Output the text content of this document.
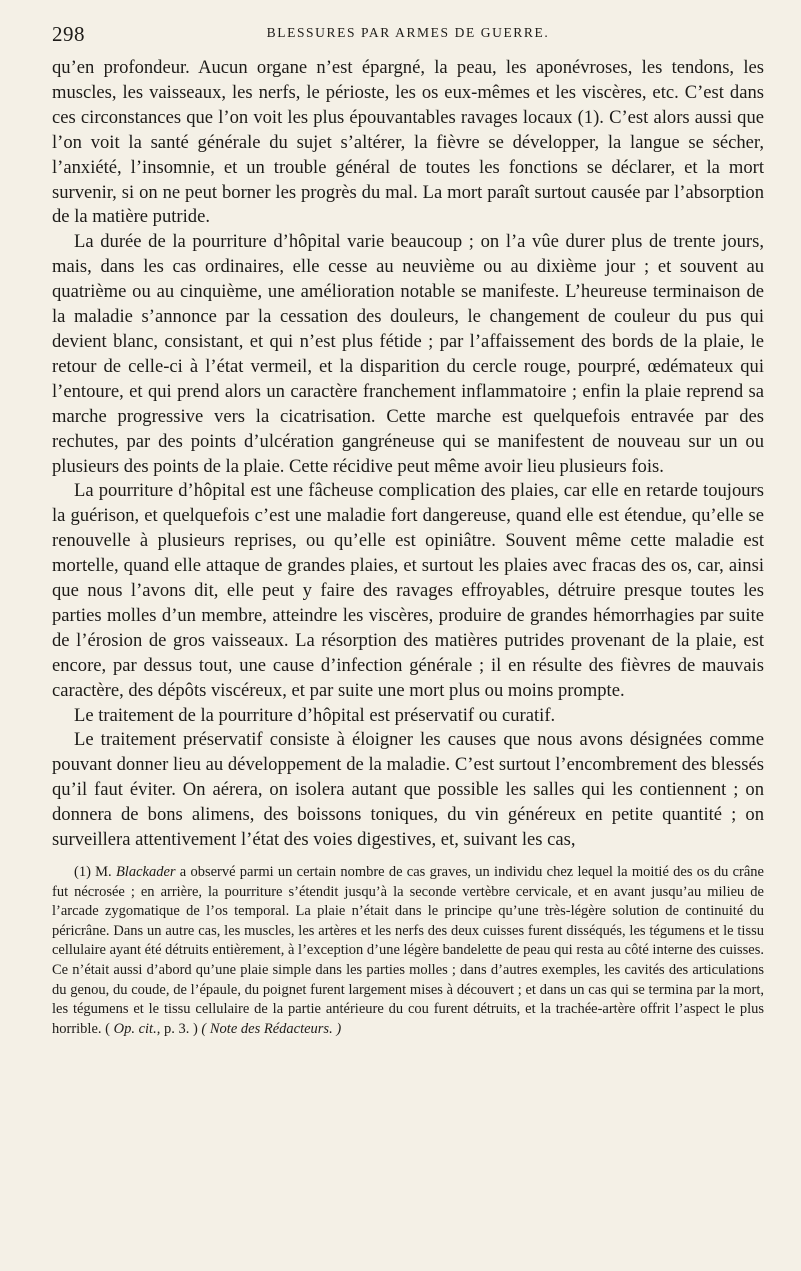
298	BLESSURES PAR ARMES DE GUERRE.

qu’en profondeur. Aucun organe n’est épargné, la peau, les aponévroses, les tendons, les muscles, les vaisseaux, les nerfs, le périoste, les os eux-mêmes et les viscères, etc. C’est dans ces circonstances que l’on voit les plus épouvantables ravages locaux (1). C’est alors aussi que l’on voit la santé générale du sujet s’altérer, la fièvre se développer, la langue se sécher, l’anxiété, l’insomnie, et un trouble général de toutes les fonctions se déclarer, et la mort survenir, si on ne peut borner les progrès du mal. La mort paraît surtout causée par l’absorption de la matière putride.

La durée de la pourriture d’hôpital varie beaucoup ; on l’a vûe durer plus de trente jours, mais, dans les cas ordinaires, elle cesse au neuvième ou au dixième jour ; et souvent au quatrième ou au cinquième, une amélioration notable se manifeste. L’heureuse terminaison de la maladie s’annonce par la cessation des douleurs, le changement de couleur du pus qui devient blanc, consistant, et qui n’est plus fétide ; par l’affaissement des bords de la plaie, le retour de celle-ci à l’état vermeil, et la disparition du cercle rouge, pourpré, œdémateux qui l’entoure, et qui prend alors un caractère franchement inflammatoire ; enfin la plaie reprend sa marche progressive vers la cicatrisation. Cette marche est quelquefois entravée par des rechutes, par des points d’ulcération gangréneuse qui se manifestent de nouveau sur un ou plusieurs des points de la plaie. Cette récidive peut même avoir lieu plusieurs fois.

La pourriture d’hôpital est une fâcheuse complication des plaies, car elle en retarde toujours la guérison, et quelquefois c’est une maladie fort dangereuse, quand elle est étendue, qu’elle se renouvelle à plusieurs reprises, ou qu’elle est opiniâtre. Souvent même cette maladie est mortelle, quand elle attaque de grandes plaies, et surtout les plaies avec fracas des os, car, ainsi que nous l’avons dit, elle peut y faire des ravages effroyables, détruire presque toutes les parties molles d’un membre, atteindre les viscères, produire de grandes hémorrhagies par suite de l’érosion de gros vaisseaux. La résorption des matières putrides provenant de la plaie, est encore, par dessus tout, une cause d’infection générale ; il en résulte des fièvres de mauvais caractère, des dépôts viscéreux, et par suite une mort plus ou moins prompte.

Le traitement de la pourriture d’hôpital est préservatif ou curatif.

Le traitement préservatif consiste à éloigner les causes que nous avons désignées comme pouvant donner lieu au développement de la maladie. C’est surtout l’encombrement des blessés qu’il faut éviter. On aérera, on isolera autant que possible les salles qui les contiennent ; on donnera de bons alimens, des boissons toniques, du vin généreux en petite quantité ; on surveillera attentivement l’état des voies digestives, et, suivant les cas,

(1) M. Blackader a observé parmi un certain nombre de cas graves, un individu chez lequel la moitié des os du crâne fut nécrosée ; en arrière, la pourriture s’étendit jusqu’à la seconde vertèbre cervicale, et en avant jusqu’au milieu de l’arcade zygomatique de l’os temporal. La plaie n’était dans le principe qu’une très-légère solution de continuité du péricrâne. Dans un autre cas, les muscles, les artères et les nerfs des deux cuisses furent disséqués, les tégumens et le tissu cellulaire ayant été détruits entièrement, à l’exception d’une légère bandelette de peau qui resta au côté interne des cuisses. Ce n’était aussi d’abord qu’une plaie simple dans les parties molles ; dans d’autres exemples, les cavités des articulations du genou, du coude, de l’épaule, du poignet furent largement mises à découvert ; et dans un cas qui se termina par la mort, les tégumens et le tissu cellulaire de la partie antérieure du cou furent détruits, et la trachée-artère offrit l’aspect le plus horrible. ( Op. cit., p. 3. ) ( Note des Rédacteurs. )
